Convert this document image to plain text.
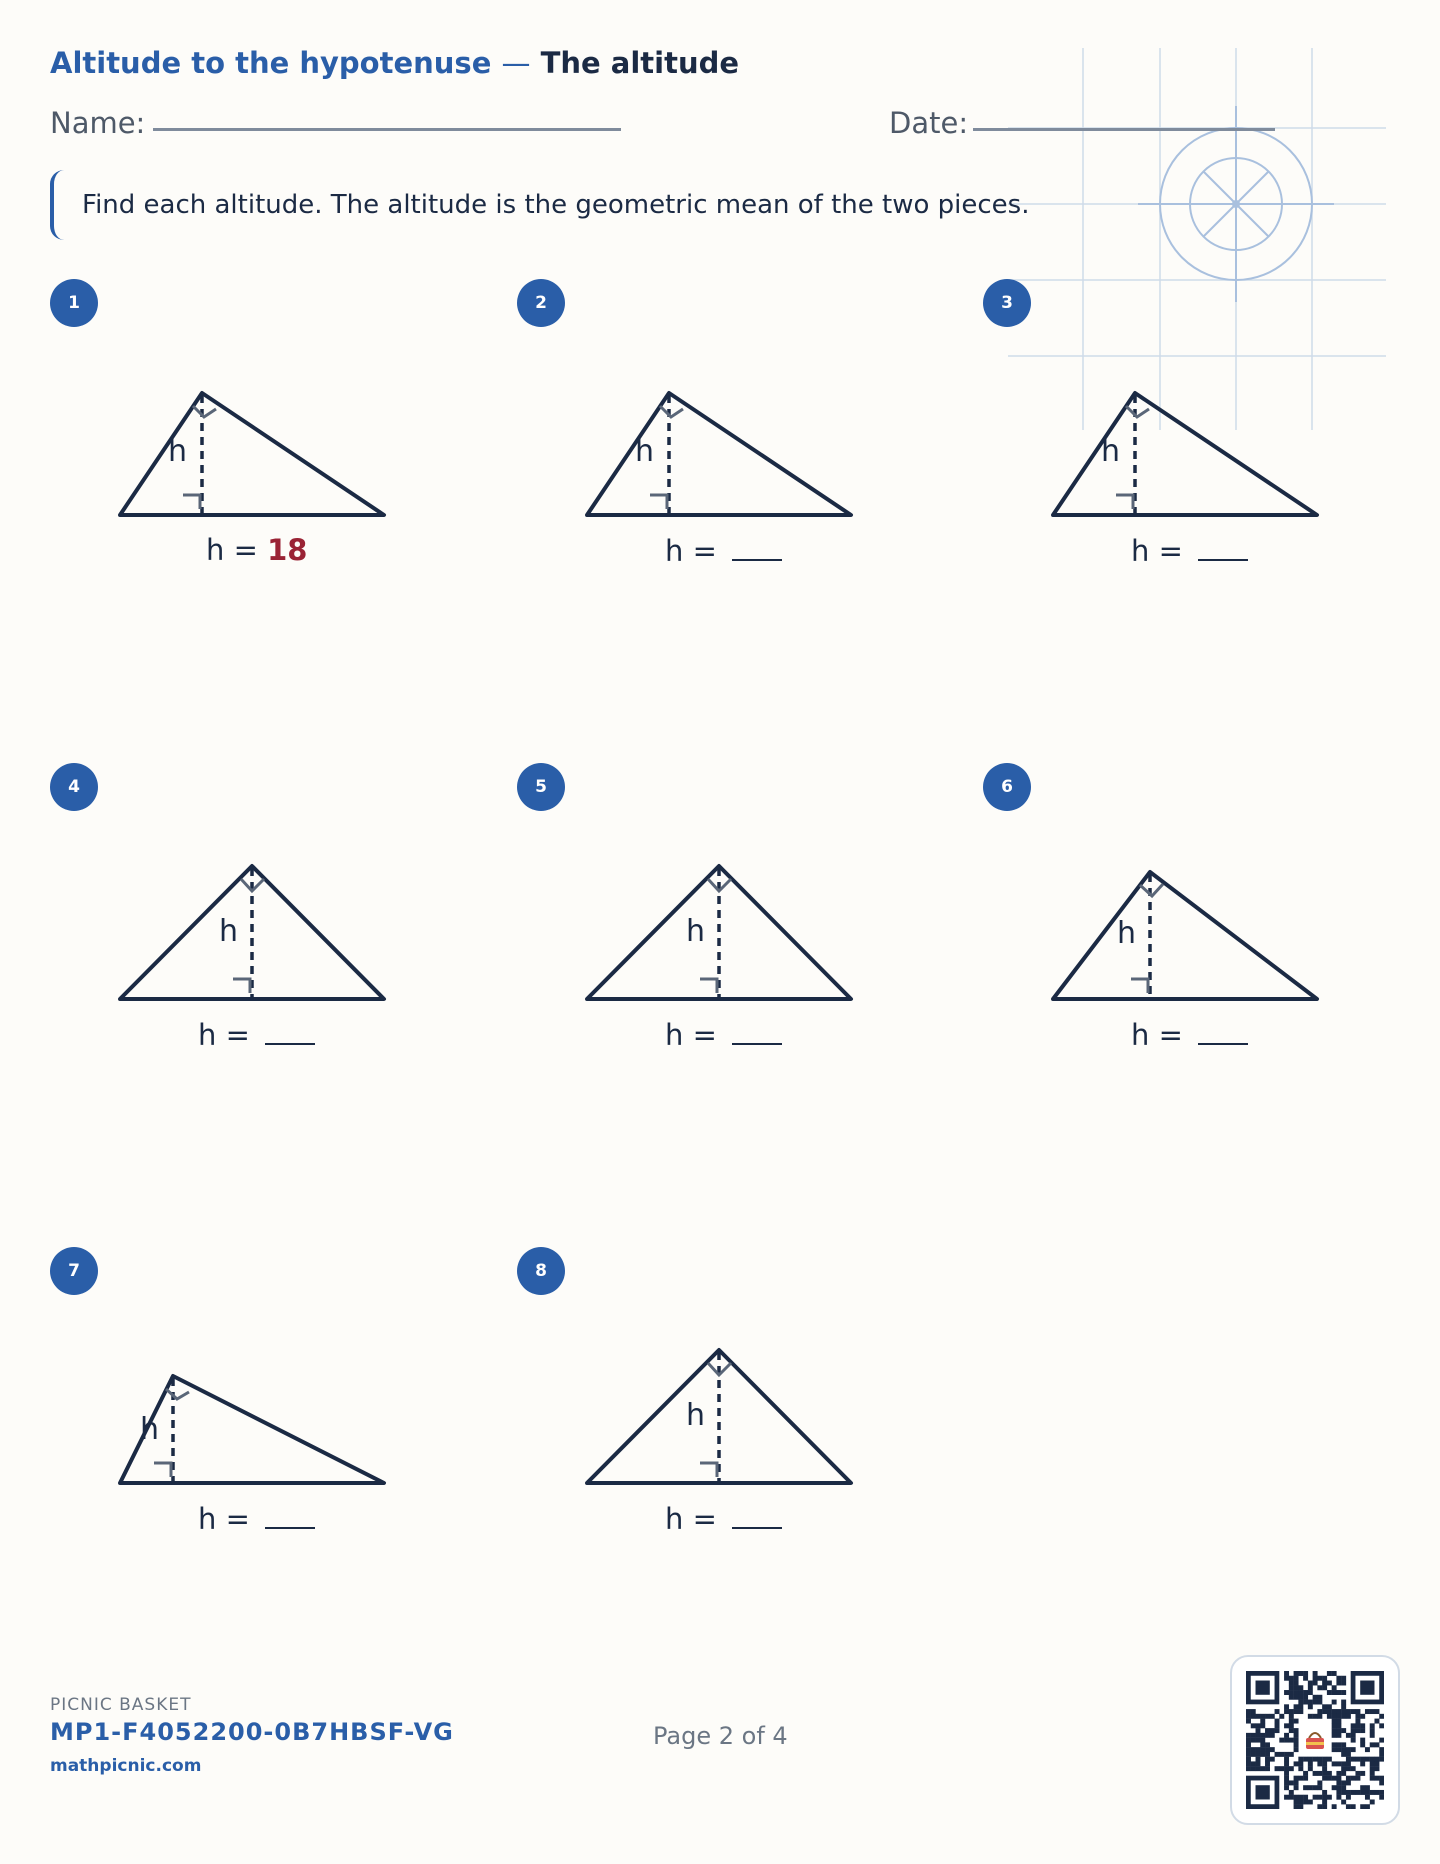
Altitude to the hypotenuse — The altitude
Name:	Date:
Find each altitude. The altitude is the geometric mean of the two pieces.
1
h
h = 18
2
h
h =
3
h
h =
4
h
h =
5
h
h =
6
h
h =
7
h
h =
8
h
h =
PICNIC BASKET
MP1-F4052200-0B7HBSF-VG
mathpicnic.com
Page 2 of 4
